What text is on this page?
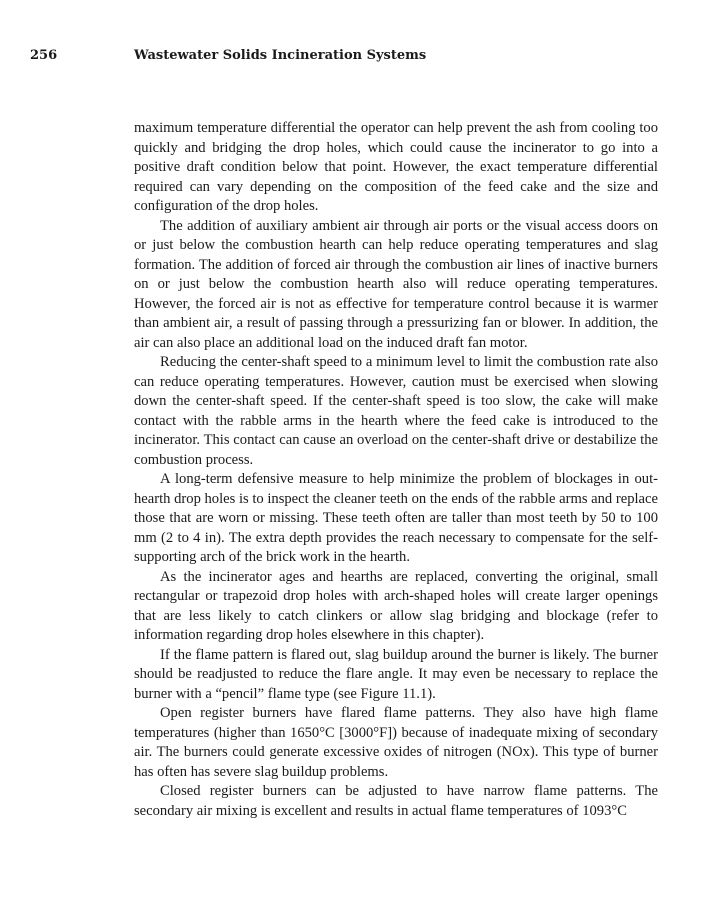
256	Wastewater Solids Incineration Systems

maximum temperature differential the operator can help prevent the ash from cooling too quickly and bridging the drop holes, which could cause the incinerator to go into a positive draft condition below that point. However, the exact temperature differential required can vary depending on the composition of the feed cake and the size and configuration of the drop holes.

The addition of auxiliary ambient air through air ports or the visual access doors on or just below the combustion hearth can help reduce operating temperatures and slag formation. The addition of forced air through the combustion air lines of inactive burners on or just below the combustion hearth also will reduce operating temperatures. However, the forced air is not as effective for temperature control because it is warmer than ambient air, a result of passing through a pressurizing fan or blower. In addition, the air can also place an additional load on the induced draft fan motor.

Reducing the center-shaft speed to a minimum level to limit the combustion rate also can reduce operating temperatures. However, caution must be exercised when slowing down the center-shaft speed. If the center-shaft speed is too slow, the cake will make contact with the rabble arms in the hearth where the feed cake is introduced to the incinerator. This contact can cause an overload on the center-shaft drive or destabilize the combustion process.

A long-term defensive measure to help minimize the problem of blockages in out-hearth drop holes is to inspect the cleaner teeth on the ends of the rabble arms and replace those that are worn or missing. These teeth often are taller than most teeth by 50 to 100 mm (2 to 4 in). The extra depth provides the reach necessary to compensate for the self-supporting arch of the brick work in the hearth.

As the incinerator ages and hearths are replaced, converting the original, small rectangular or trapezoid drop holes with arch-shaped holes will create larger openings that are less likely to catch clinkers or allow slag bridging and blockage (refer to information regarding drop holes elsewhere in this chapter).

If the flame pattern is flared out, slag buildup around the burner is likely. The burner should be readjusted to reduce the flare angle. It may even be necessary to replace the burner with a “pencil” flame type (see Figure 11.1).

Open register burners have flared flame patterns. They also have high flame temperatures (higher than 1650°C [3000°F]) because of inadequate mixing of secondary air. The burners could generate excessive oxides of nitrogen (NOx). This type of burner has often has severe slag buildup problems.

Closed register burners can be adjusted to have narrow flame patterns. The secondary air mixing is excellent and results in actual flame temperatures of 1093°C
